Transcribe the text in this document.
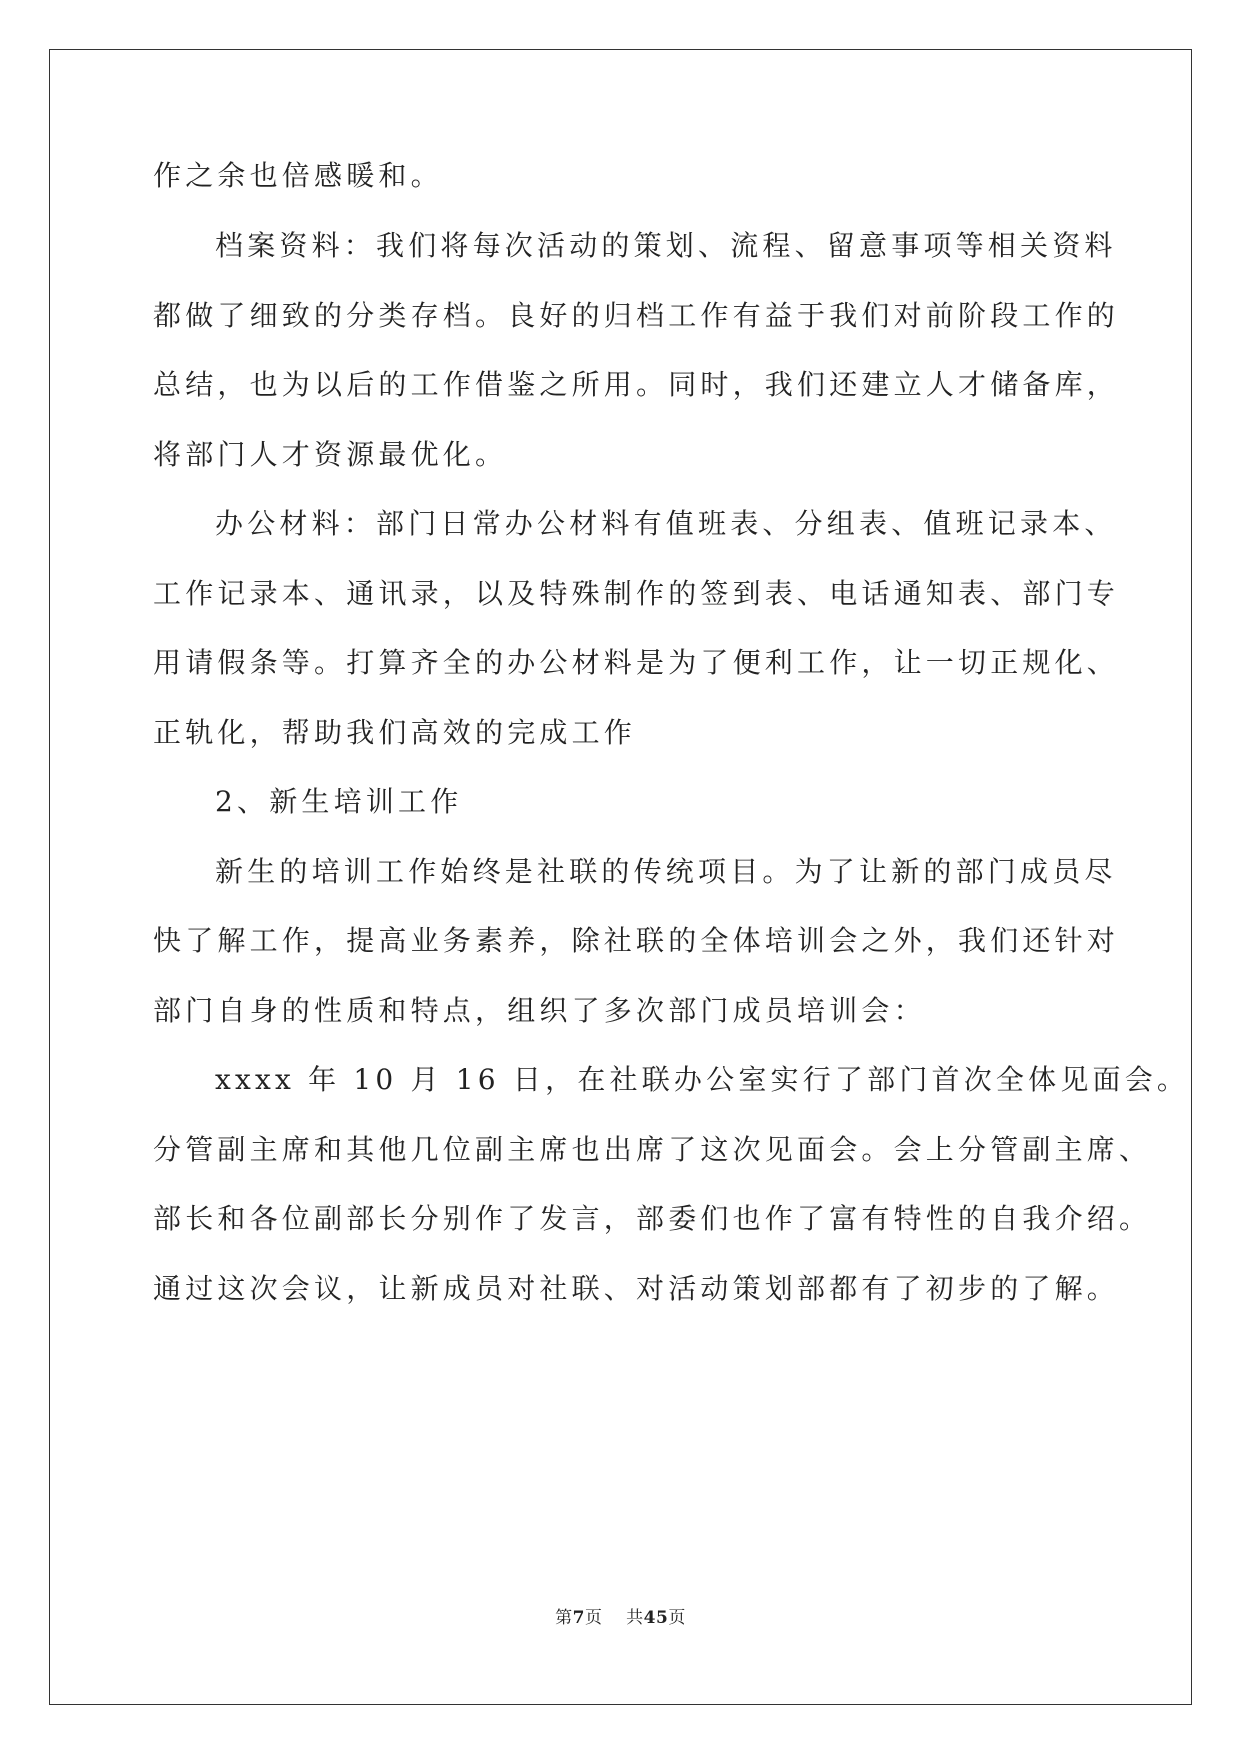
作之余也倍感暖和。
档案资料：我们将每次活动的策划、流程、留意事项等相关资料
都做了细致的分类存档。良好的归档工作有益于我们对前阶段工作的
总结，也为以后的工作借鉴之所用。同时，我们还建立人才储备库，
将部门人才资源最优化。
办公材料：部门日常办公材料有值班表、分组表、值班记录本、
工作记录本、通讯录，以及特殊制作的签到表、电话通知表、部门专
用请假条等。打算齐全的办公材料是为了便利工作，让一切正规化、
正轨化，帮助我们高效的完成工作
2、新生培训工作
新生的培训工作始终是社联的传统项目。为了让新的部门成员尽
快了解工作，提高业务素养，除社联的全体培训会之外，我们还针对
部门自身的性质和特点，组织了多次部门成员培训会：
xxxx 年 10 月 16 日，在社联办公室实行了部门首次全体见面会。
分管副主席和其他几位副主席也出席了这次见面会。会上分管副主席、
部长和各位副部长分别作了发言，部委们也作了富有特性的自我介绍。
通过这次会议，让新成员对社联、对活动策划部都有了初步的了解。
第7页 共45页
